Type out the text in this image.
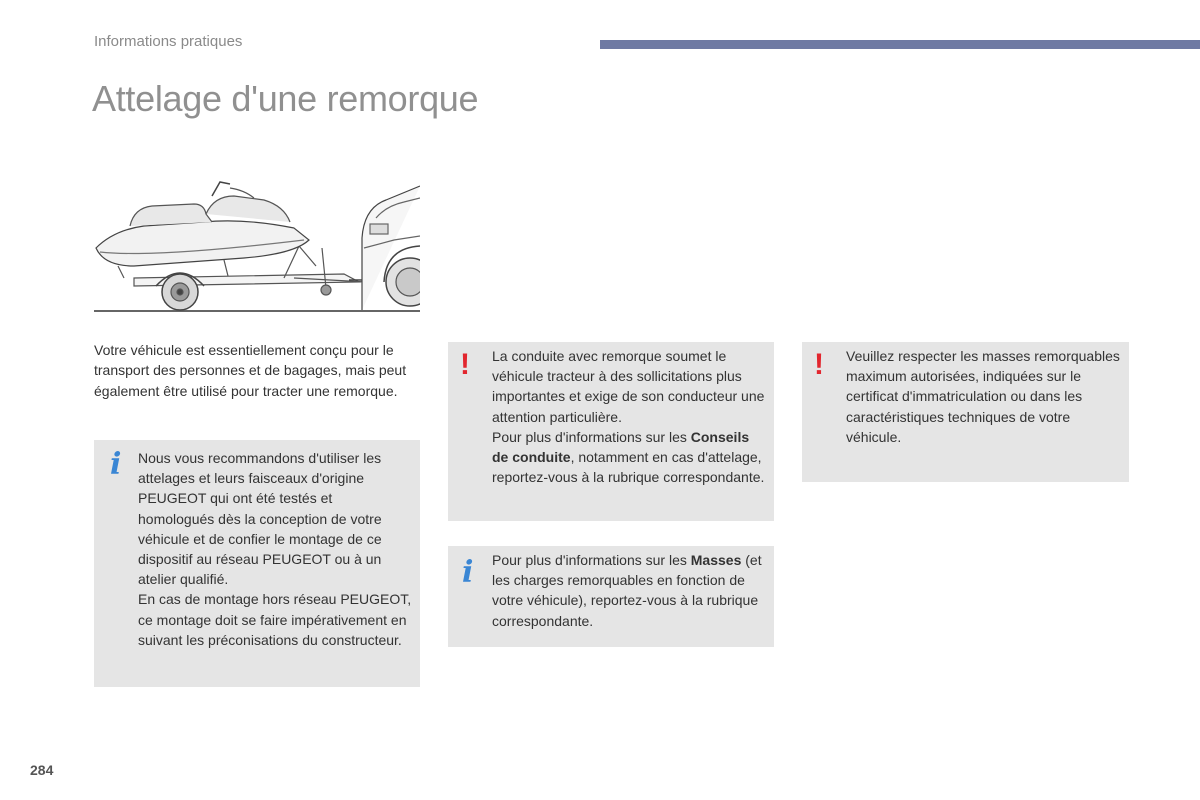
Informations pratiques
Attelage d'une remorque

Votre véhicule est essentiellement conçu pour le transport des personnes et de bagages, mais peut également être utilisé pour tracter une remorque.

i Nous vous recommandons d'utiliser les attelages et leurs faisceaux d'origine PEUGEOT qui ont été testés et homologués dès la conception de votre véhicule et de confier le montage de ce dispositif au réseau PEUGEOT ou à un atelier qualifié.
En cas de montage hors réseau PEUGEOT, ce montage doit se faire impérativement en suivant les préconisations du constructeur.

! La conduite avec remorque soumet le véhicule tracteur à des sollicitations plus importantes et exige de son conducteur une attention particulière.
Pour plus d'informations sur les Conseils de conduite, notamment en cas d'attelage, reportez-vous à la rubrique correspondante.

i Pour plus d'informations sur les Masses (et les charges remorquables en fonction de votre véhicule), reportez-vous à la rubrique correspondante.

! Veuillez respecter les masses remorquables maximum autorisées, indiquées sur le certificat d'immatriculation ou dans les caractéristiques techniques de votre véhicule.

284
